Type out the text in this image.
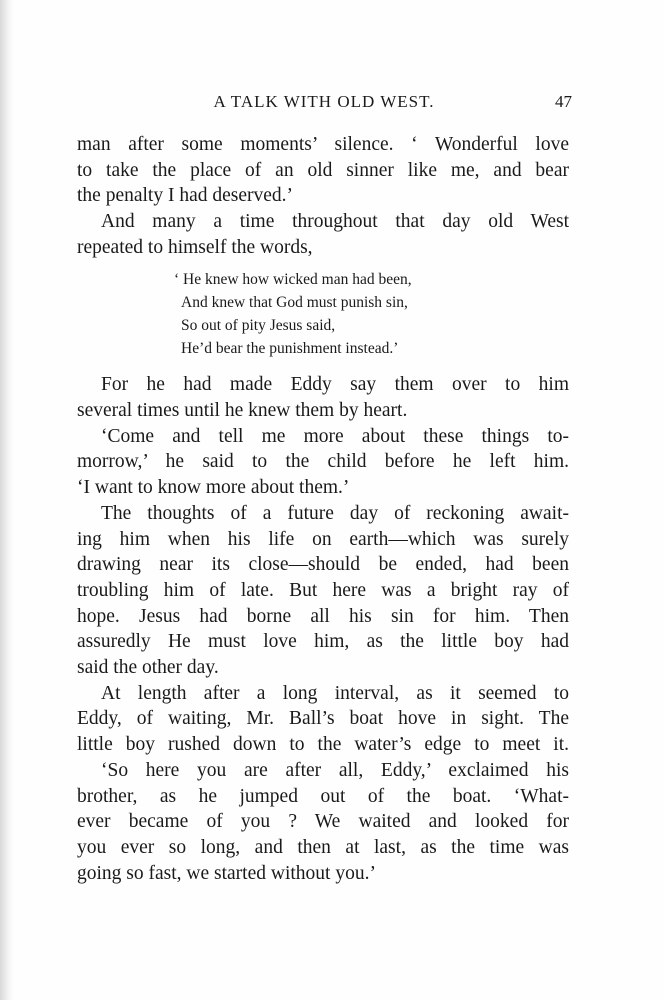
A TALK WITH OLD WEST.	47

man after some moments’ silence. ‘ Wonderful love
to take the place of an old sinner like me, and bear
the penalty I had deserved.’

And many a time throughout that day old West
repeated to himself the words,

‘ He knew how wicked man had been,
And knew that God must punish sin,
So out of pity Jesus said,
He’d bear the punishment instead.’

For he had made Eddy say them over to him
several times until he knew them by heart.

‘Come and tell me more about these things to-
morrow,’ he said to the child before he left him.
‘I want to know more about them.’

The thoughts of a future day of reckoning await-
ing him when his life on earth—which was surely
drawing near its close—should be ended, had been
troubling him of late. But here was a bright ray of
hope. Jesus had borne all his sin for him. Then
assuredly He must love him, as the little boy had
said the other day.

At length after a long interval, as it seemed to
Eddy, of waiting, Mr. Ball’s boat hove in sight. The
little boy rushed down to the water’s edge to meet it.

‘So here you are after all, Eddy,’ exclaimed his
brother, as he jumped out of the boat. ‘What-
ever became of you ? We waited and looked for
you ever so long, and then at last, as the time was
going so fast, we started without you.’
